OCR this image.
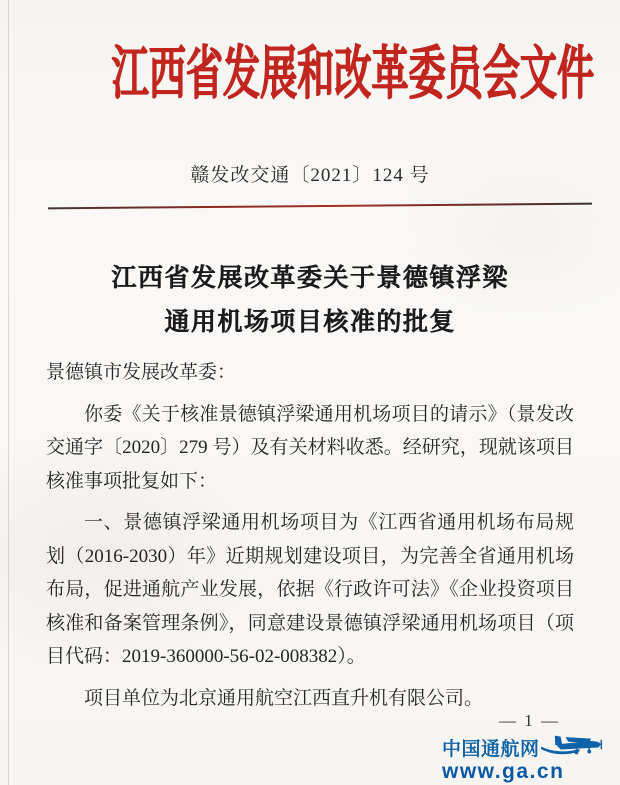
江西省发展和改革委员会文件
赣发改交通〔2021〕124 号
江西省发展改革委关于景德镇浮梁
通用机场项目核准的批复

景德镇市发展改革委：

你委《关于核准景德镇浮梁通用机场项目的请示》（景发改交通字〔2020〕279 号）及有关材料收悉。经研究，现就该项目核准事项批复如下：

一、景德镇浮梁通用机场项目为《江西省通用机场布局规划（2016-2030）年》近期规划建设项目，为完善全省通用机场布局，促进通航产业发展，依据《行政许可法》《企业投资项目核准和备案管理条例》，同意建设景德镇浮梁通用机场项目（项目代码：2019-360000-56-02-008382）。

项目单位为北京通用航空江西直升机有限公司。

— 1 —
中国通航网
www.ga.cn
